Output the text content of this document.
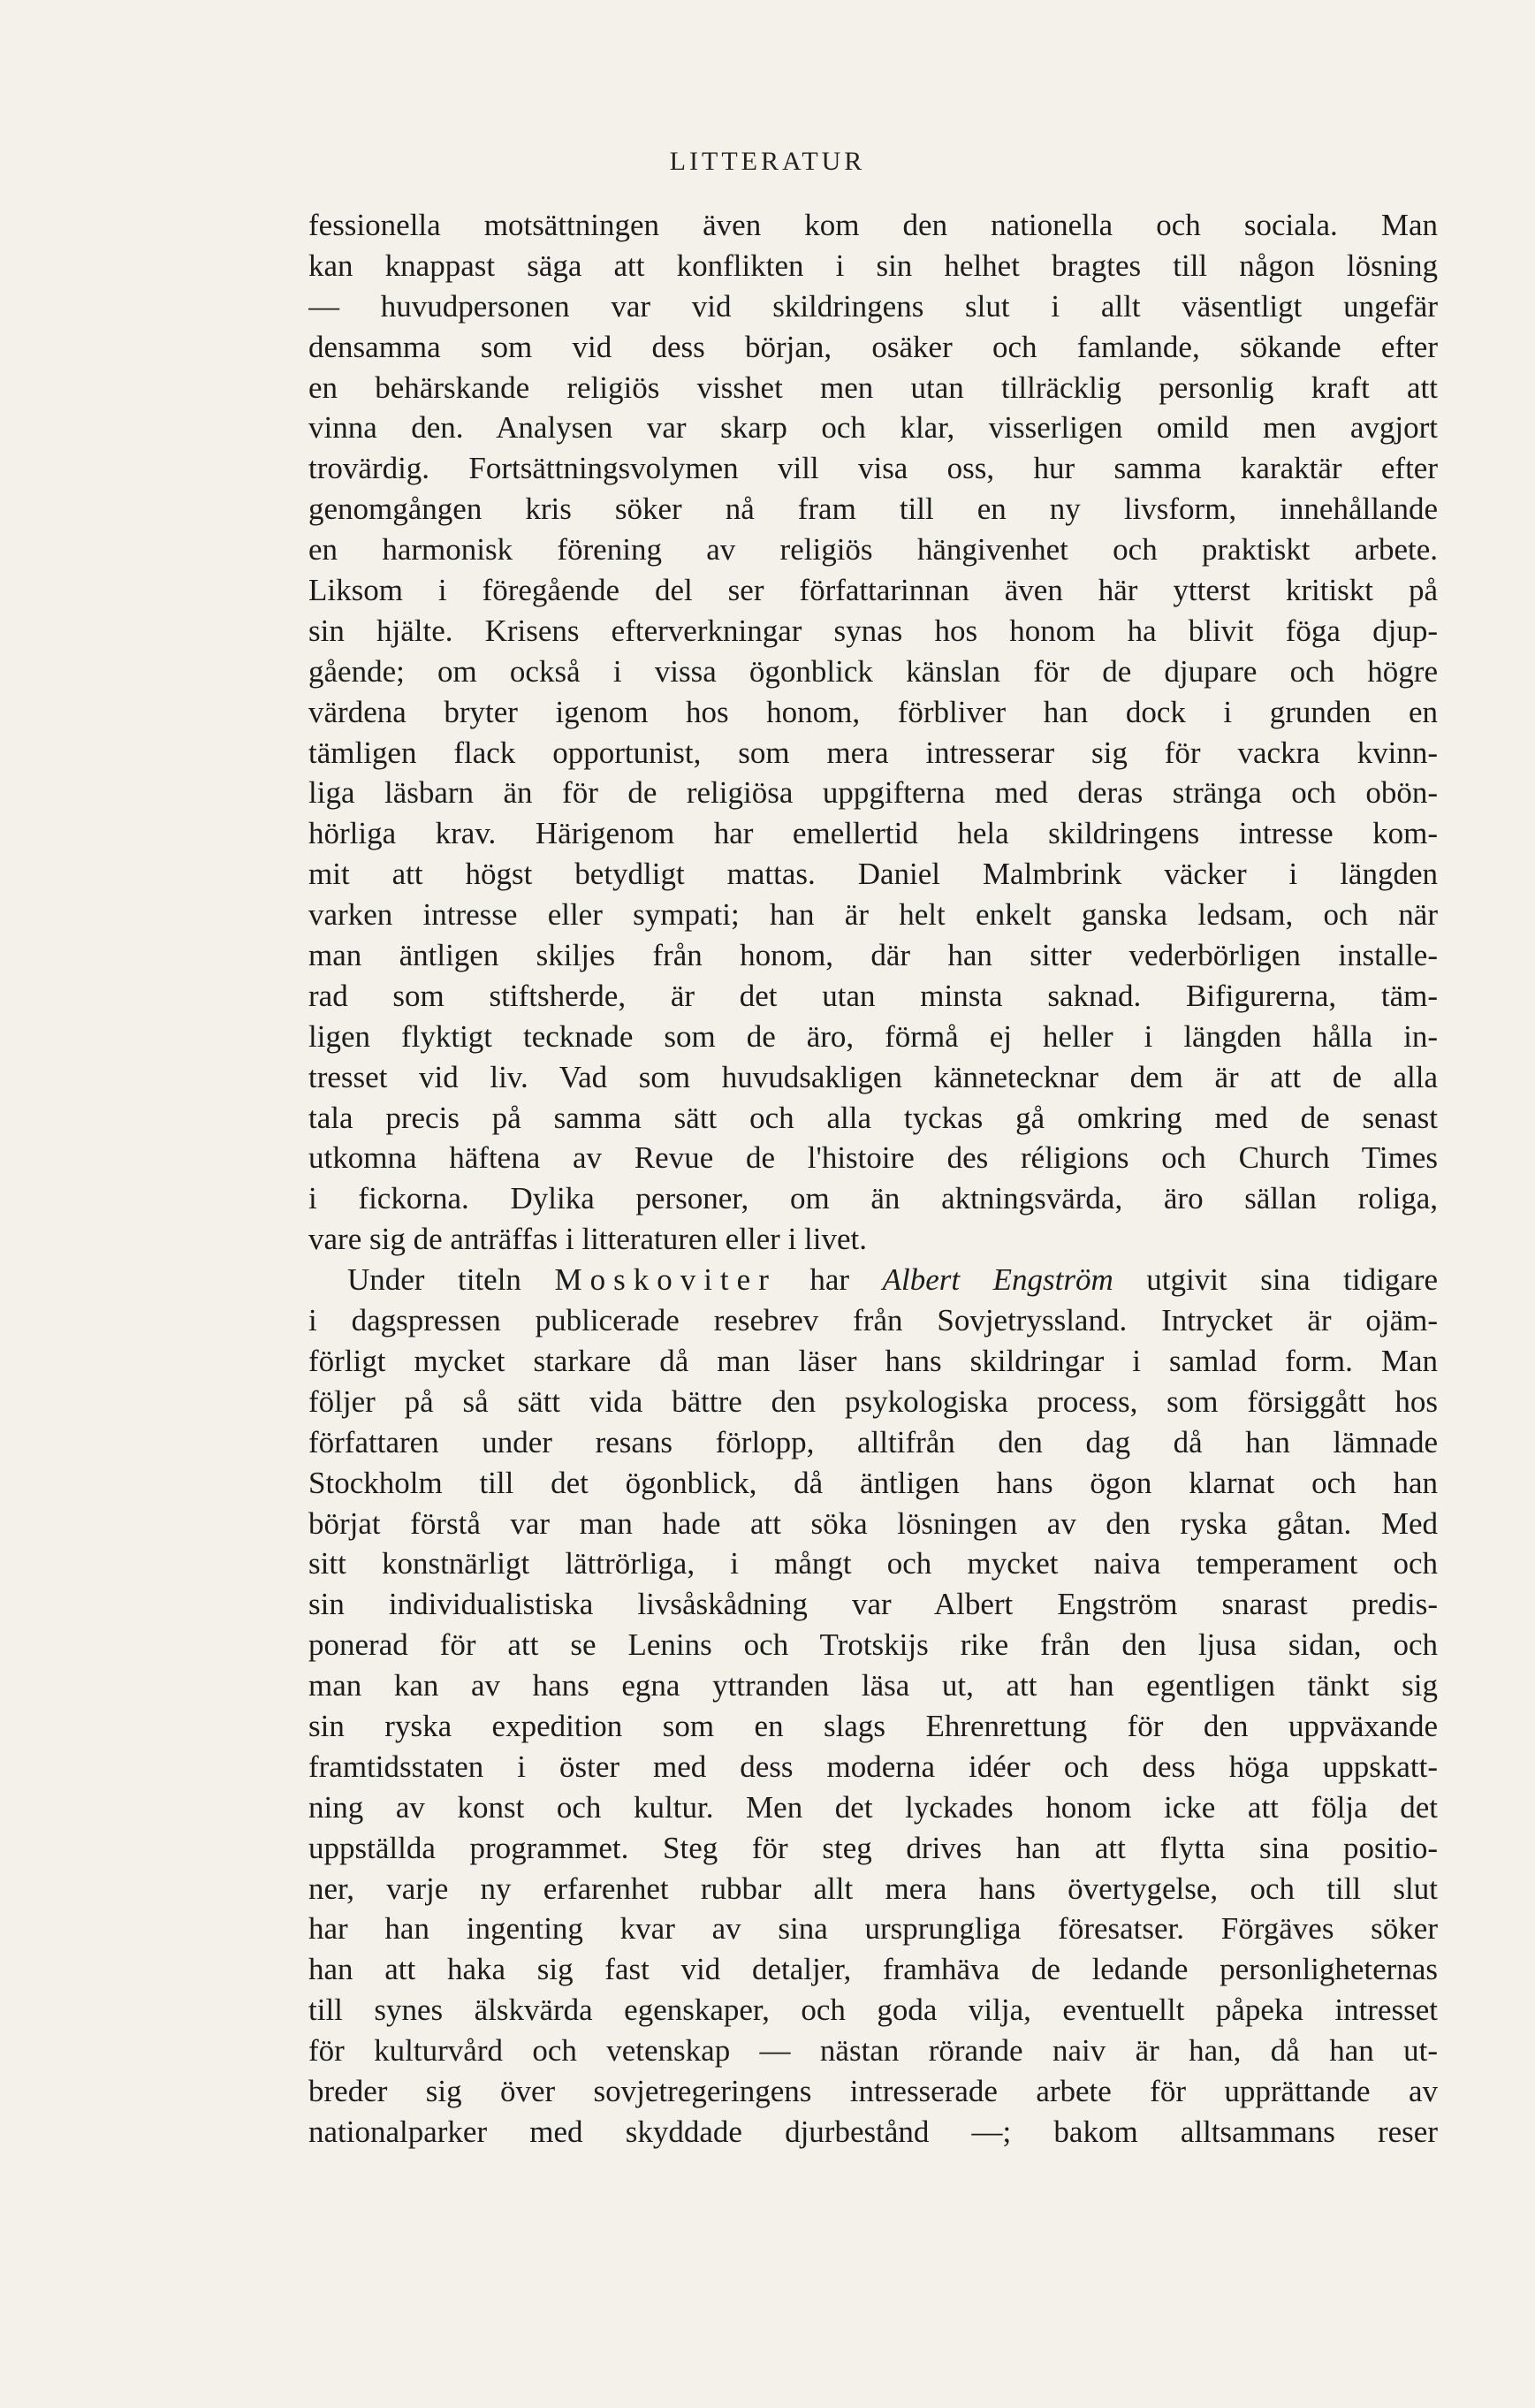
LITTERATUR
fessionella motsättningen även kom den nationella och sociala. Man
kan knappast säga att konflikten i sin helhet bragtes till någon lösning
— huvudpersonen var vid skildringens slut i allt väsentligt ungefär
densamma som vid dess början, osäker och famlande, sökande efter
en behärskande religiös visshet men utan tillräcklig personlig kraft att
vinna den. Analysen var skarp och klar, visserligen omild men avgjort
trovärdig. Fortsättningsvolymen vill visa oss, hur samma karaktär efter
genomgången kris söker nå fram till en ny livsform, innehållande
en harmonisk förening av religiös hängivenhet och praktiskt arbete.
Liksom i föregående del ser författarinnan även här ytterst kritiskt på
sin hjälte. Krisens efterverkningar synas hos honom ha blivit föga djup-
gående; om också i vissa ögonblick känslan för de djupare och högre
värdena bryter igenom hos honom, förbliver han dock i grunden en
tämligen flack opportunist, som mera intresserar sig för vackra kvinn-
liga läsbarn än för de religiösa uppgifterna med deras stränga och obön-
hörliga krav. Härigenom har emellertid hela skildringens intresse kom-
mit att högst betydligt mattas. Daniel Malmbrink väcker i längden
varken intresse eller sympati; han är helt enkelt ganska ledsam, och när
man äntligen skiljes från honom, där han sitter vederbörligen installe-
rad som stiftsherde, är det utan minsta saknad. Bifigurerna, täm-
ligen flyktigt tecknade som de äro, förmå ej heller i längden hålla in-
tresset vid liv. Vad som huvudsakligen kännetecknar dem är att de alla
tala precis på samma sätt och alla tyckas gå omkring med de senast
utkomna häftena av Revue de l'histoire des réligions och Church Times
i fickorna. Dylika personer, om än aktningsvärda, äro sällan roliga,
vare sig de anträffas i litteraturen eller i livet.
Under titeln Moskoviter har Albert Engström utgivit sina tidigare
i dagspressen publicerade resebrev från Sovjetryssland. Intrycket är ojäm-
förligt mycket starkare då man läser hans skildringar i samlad form. Man
följer på så sätt vida bättre den psykologiska process, som försiggått hos
författaren under resans förlopp, alltifrån den dag då han lämnade
Stockholm till det ögonblick, då äntligen hans ögon klarnat och han
börjat förstå var man hade att söka lösningen av den ryska gåtan. Med
sitt konstnärligt lättrörliga, i mångt och mycket naiva temperament och
sin individualistiska livsåskådning var Albert Engström snarast predis-
ponerad för att se Lenins och Trotskijs rike från den ljusa sidan, och
man kan av hans egna yttranden läsa ut, att han egentligen tänkt sig
sin ryska expedition som en slags Ehrenrettung för den uppväxande
framtidsstaten i öster med dess moderna idéer och dess höga uppskatt-
ning av konst och kultur. Men det lyckades honom icke att följa det
uppställda programmet. Steg för steg drives han att flytta sina positio-
ner, varje ny erfarenhet rubbar allt mera hans övertygelse, och till slut
har han ingenting kvar av sina ursprungliga föresatser. Förgäves söker
han att haka sig fast vid detaljer, framhäva de ledande personligheternas
till synes älskvärda egenskaper, och goda vilja, eventuellt påpeka intresset
för kulturvård och vetenskap — nästan rörande naiv är han, då han ut-
breder sig över sovjetregeringens intresserade arbete för upprättande av
nationalparker med skyddade djurbestånd —; bakom alltsammans reser
